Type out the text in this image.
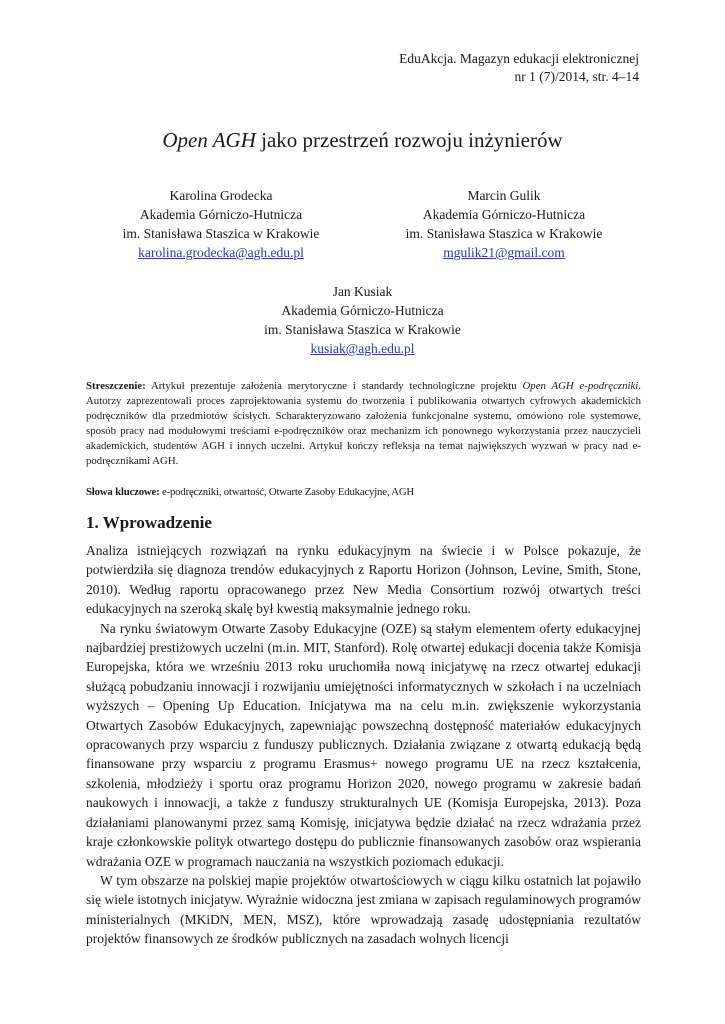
EduAkcja. Magazyn edukacji elektronicznej
nr 1 (7)/2014, str. 4–14
Open AGH jako przestrzeń rozwoju inżynierów
Karolina Grodecka
Akademia Górniczo-Hutnicza
im. Stanisława Staszica w Krakowie
karolina.grodecka@agh.edu.pl
Marcin Gulik
Akademia Górniczo-Hutnicza
im. Stanisława Staszica w Krakowie
mgulik21@gmail.com
Jan Kusiak
Akademia Górniczo-Hutnicza
im. Stanisława Staszica w Krakowie
kusiak@agh.edu.pl
Streszczenie: Artykuł prezentuje założenia merytoryczne i standardy technologiczne projektu Open AGH e-podręczniki. Autorzy zaprezentowali proces zaprojektowania systemu do tworzenia i publikowania otwartych cyfrowych akademickich podręczników dla przedmiotów ścisłych. Scharakteryzowano założenia funkcjonalne systemu, omówiono role systemowe, sposób pracy nad modułowymi treściami e-podręczników oraz mechanizm ich ponownego wykorzystania przez nauczycieli akademickich, studentów AGH i innych uczelni. Artykuł kończy refleksja na temat największych wyzwań w pracy nad e-podręcznikami AGH.
Słowa kluczowe: e-podręczniki, otwartość, Otwarte Zasoby Edukacyjne, AGH
1. Wprowadzenie

Analiza istniejących rozwiązań na rynku edukacyjnym na świecie i w Polsce pokazuje, że potwierdziła się diagnoza trendów edukacyjnych z Raportu Horizon (Johnson, Levine, Smith, Stone, 2010). Według raportu opracowanego przez New Media Consortium rozwój otwartych treści edukacyjnych na szeroką skalę był kwestią maksymalnie jednego roku.

Na rynku światowym Otwarte Zasoby Edukacyjne (OZE) są stałym elementem oferty edukacyjnej najbardziej prestiżowych uczelni (m.in. MIT, Stanford). Rolę otwartej edukacji docenia także Komisja Europejska, która we wrześniu 2013 roku uruchomiła nową inicjatywę na rzecz otwartej edukacji służącą pobudzaniu innowacji i rozwijaniu umiejętności informatycznych w szkołach i na uczelniach wyższych – Opening Up Education. Inicjatywa ma na celu m.in. zwiększenie wykorzystania Otwartych Zasobów Edukacyjnych, zapewniając powszechną dostępność materiałów edukacyjnych opracowanych przy wsparciu z funduszy publicznych. Działania związane z otwartą edukacją będą finansowane przy wsparciu z programu Erasmus+ nowego programu UE na rzecz kształcenia, szkolenia, młodzieży i sportu oraz programu Horizon 2020, nowego programu w zakresie badań naukowych i innowacji, a także z funduszy strukturalnych UE (Komisja Europejska, 2013). Poza działaniami planowanymi przez samą Komisję, inicjatywa będzie działać na rzecz wdrażania przez kraje członkowskie polityk otwartego dostępu do publicznie finansowanych zasobów oraz wspierania wdrażania OZE w programach nauczania na wszystkich poziomach edukacji.

W tym obszarze na polskiej mapie projektów otwartościowych w ciągu kilku ostatnich lat pojawiło się wiele istotnych inicjatyw. Wyraźnie widoczna jest zmiana w zapisach regulaminowych programów ministerialnych (MKiDN, MEN, MSZ), które wprowadzają zasadę udostępniania rezultatów projektów finansowych ze środków publicznych na zasadach wolnych licencji
